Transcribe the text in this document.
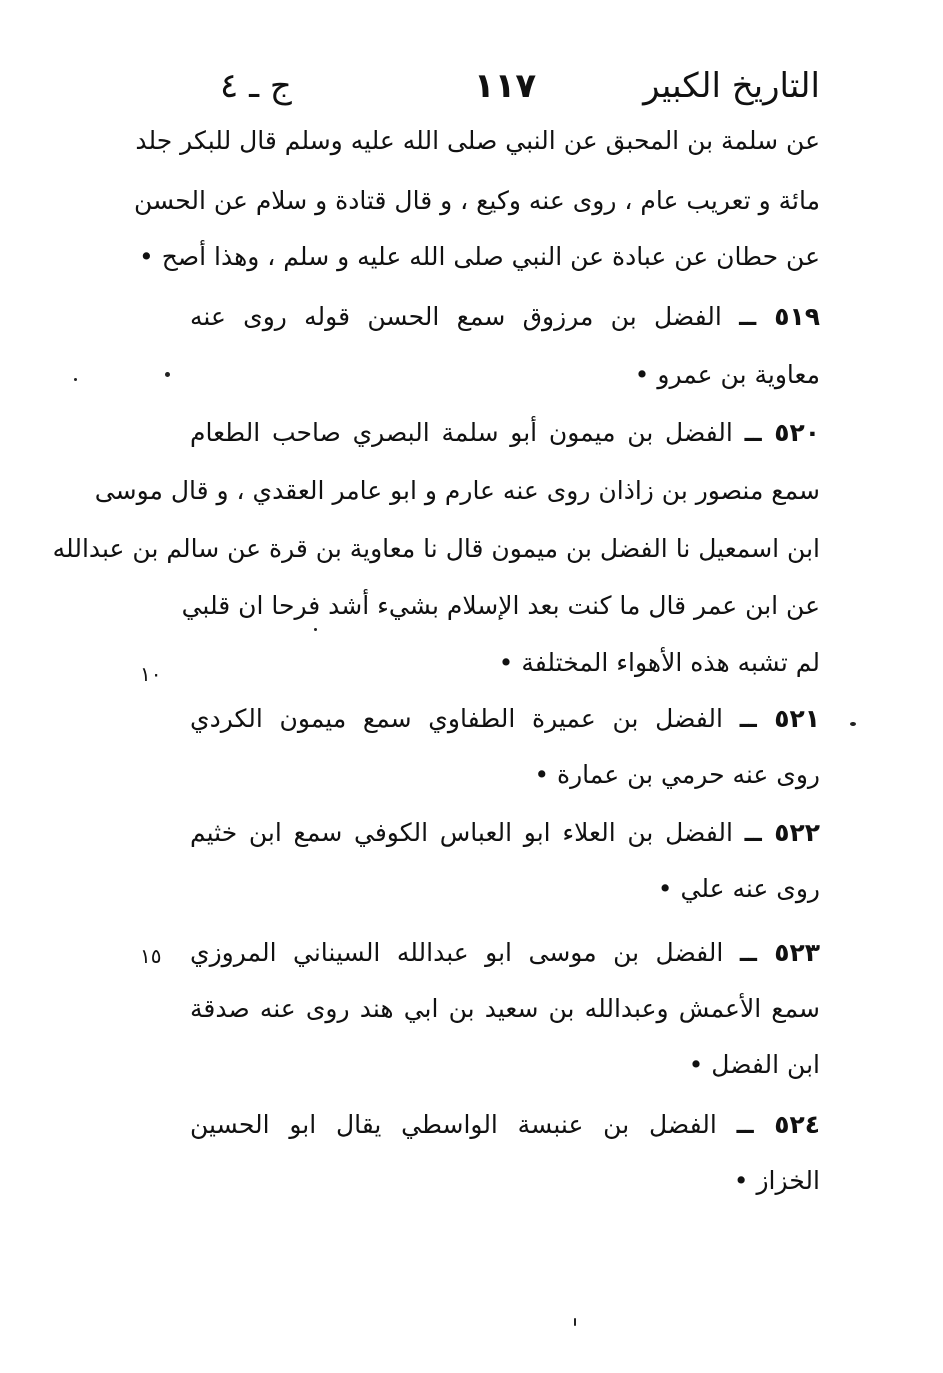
التاريخ الكبير
١١٧
ج ـ ٤
عن سلمة بن المحبق عن النبي صلى الله عليه وسلم قال للبكر جلد
مائة و تعريب عام ، روى عنه وكيع ، و قال قتادة و سلام عن الحسن
عن حطان عن عبادة عن النبي صلى الله عليه و سلم ، وهذا أصح •
٥١٩ ــ الفضل بن مرزوق سمع الحسن قوله روى عنه
معاوية بن عمرو •
٥٢٠ ــ الفضل بن ميمون أبو سلمة البصري صاحب الطعام
سمع منصور بن زاذان روى عنه عارم و ابو عامر العقدي ، و قال موسى
ابن اسمعيل نا الفضل بن ميمون قال نا معاوية بن قرة عن سالم بن عبدالله
عن ابن عمر قال ما كنت بعد الإسلام بشيء أشد فرحا ان قلبي
لم تشبه هذه الأهواء المختلفة •
٥٢١ ــ الفضل بن عميرة الطفاوي سمع ميمون الكردي
روى عنه حرمي بن عمارة •
٥٢٢ ــ الفضل بن العلاء ابو العباس الكوفي سمع ابن خثيم
روى عنه علي •
٥٢٣ ــ الفضل بن موسى ابو عبدالله السيناني المروزي
سمع الأعمش وعبدالله بن سعيد بن ابي هند روى عنه صدقة
ابن الفضل •
٥٢٤ ــ الفضل بن عنبسة الواسطي يقال ابو الحسين
الخزاز •
١٠
١٥
